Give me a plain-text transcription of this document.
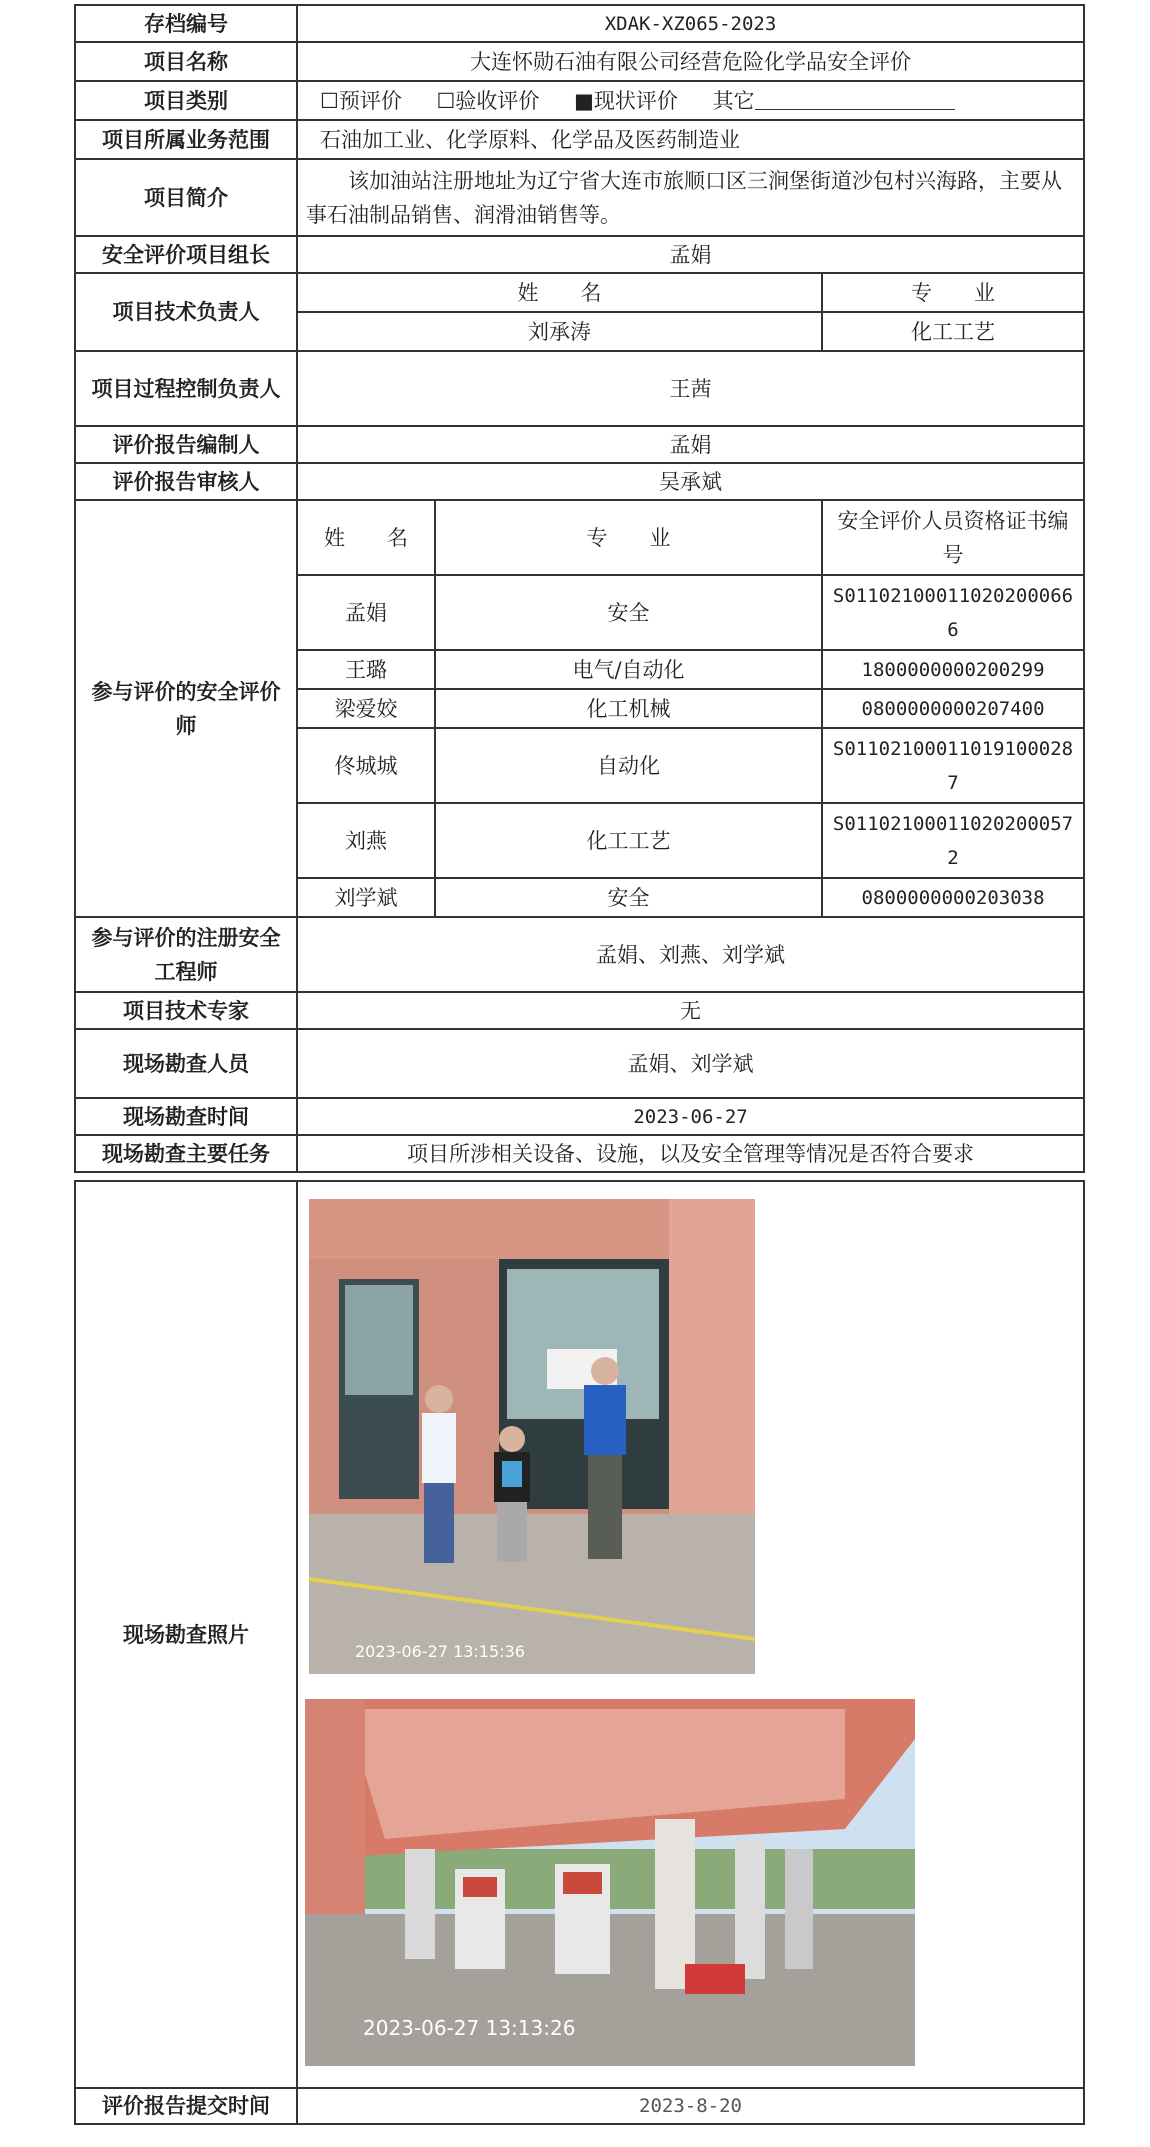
存档编号	XDAK-XZ065-2023		
项目名称	大连怀勋石油有限公司经营危险化学品安全评价		
项目类别	☐预评价 ☐验收评价 ■现状评价 其它		
项目所属业务范围	石油加工业、化学原料、化学品及医药制造业		
项目简介	该加油站注册地址为辽宁省大连市旅顺口区三涧堡街道沙包村兴海路，主要从事石油制品销售、润滑油销售等。		
安全评价项目组长	孟娟		
项目技术负责人	姓　　名		专　　业
	刘承涛		化工工艺
项目过程控制负责人	王茜		
评价报告编制人	孟娟		
评价报告审核人	吴承斌		
参与评价的安全评价师	姓　　名	专　　业	安全评价人员资格证书编号
	孟娟	安全	S011021000110202000666
	王璐	电气/自动化	1800000000200299
	梁爱姣	化工机械	0800000000207400
	佟城城	自动化	S011021000110191000287
	刘燕	化工工艺	S011021000110202000572
	刘学斌	安全	0800000000203038
参与评价的注册安全工程师	孟娟、刘燕、刘学斌		
项目技术专家	无		
现场勘查人员	孟娟、刘学斌		
现场勘查时间	2023-06-27		
现场勘查主要任务	项目所涉相关设备、设施，以及安全管理等情况是否符合要求		
现场勘查照片	
评价报告提交时间	2023-8-20
2023-06-27 13:15:36
2023-06-27 13:13:26
